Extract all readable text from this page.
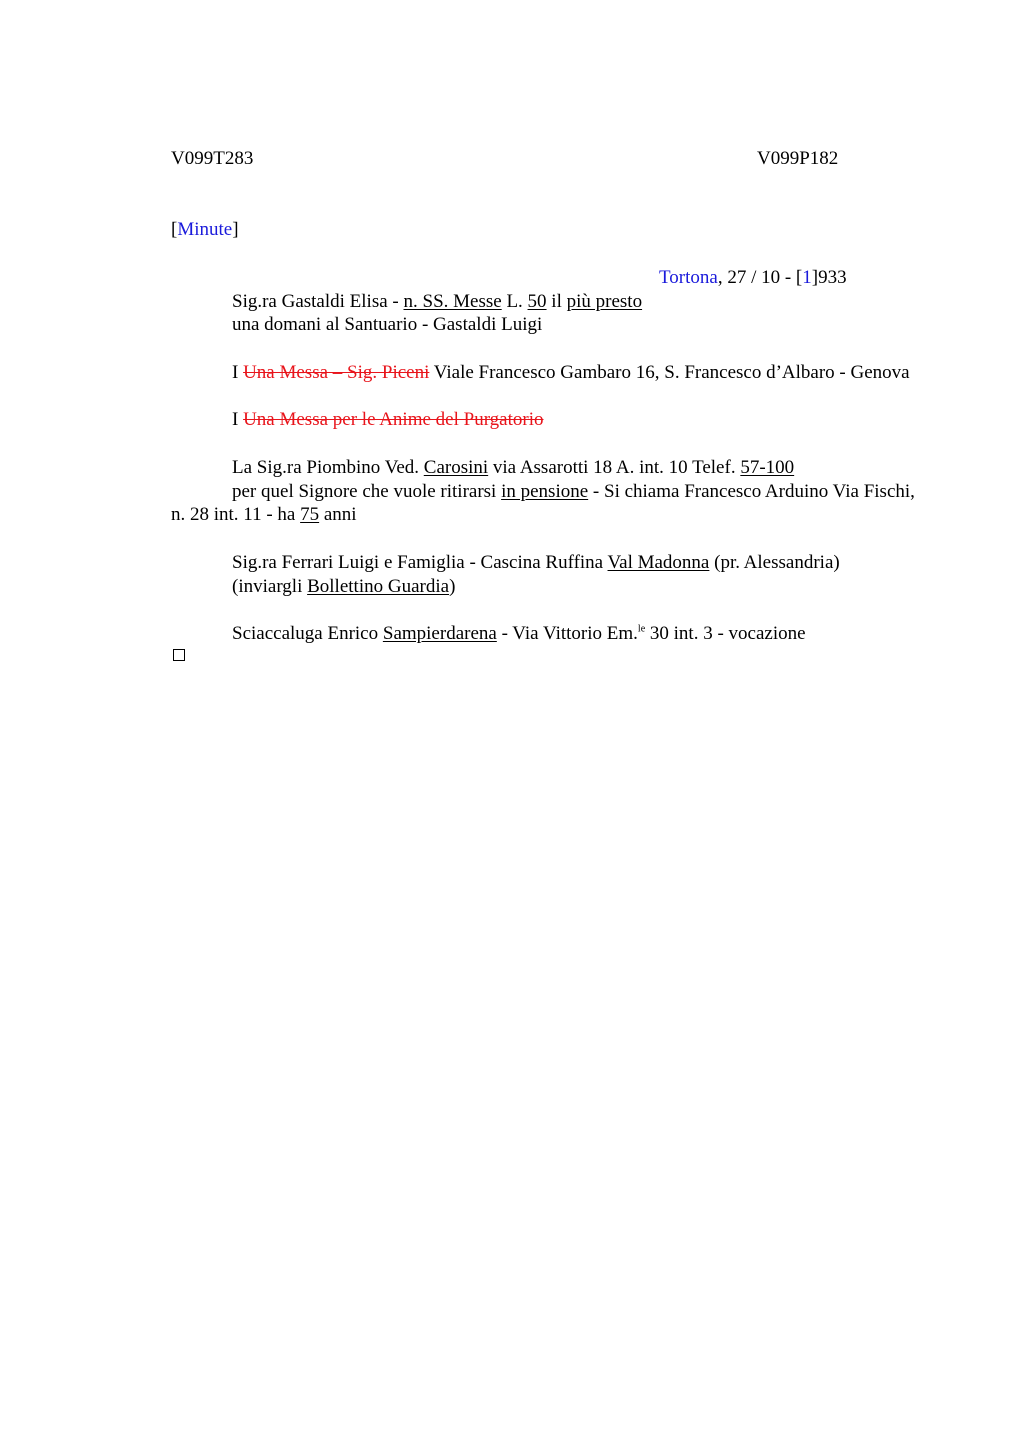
V099T283	V099P182
[Minute]
Tortona, 27 / 10 - [1]933
Sig.ra Gastaldi Elisa - n. SS. Messe L. 50 il più presto
una domani al Santuario - Gastaldi Luigi
I Una Messa – Sig. Piceni Viale Francesco Gambaro 16, S. Francesco d’Albaro - Genova
I Una Messa per le Anime del Purgatorio
La Sig.ra Piombino Ved. Carosini via Assarotti 18 A. int. 10 Telef. 57-100
per quel Signore che vuole ritirarsi in pensione - Si chiama Francesco Arduino Via Fischi, n. 28 int. 11 - ha 75 anni
Sig.ra Ferrari Luigi e Famiglia - Cascina Ruffina Val Madonna (pr. Alessandria)
(inviargli Bollettino Guardia)
Sciaccaluga Enrico Sampierdarena - Via Vittorio Em.$^{le}$ 30 int. 3 - vocazione
